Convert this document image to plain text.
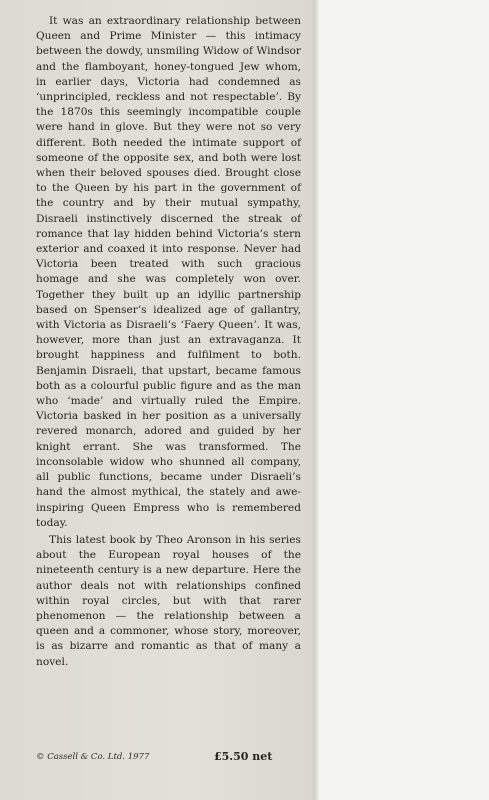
It was an extraordinary relationship between Queen and Prime Minister — this intimacy between the dowdy, unsmiling Widow of Windsor and the flamboyant, honey-tongued Jew whom, in earlier days, Victoria had condemned as ‘unprincipled, reckless and not respectable’. By the 1870s this seemingly incompatible couple were hand in glove. But they were not so very different. Both needed the intimate support of someone of the opposite sex, and both were lost when their beloved spouses died. Brought close to the Queen by his part in the government of the country and by their mutual sympathy, Disraeli instinctively discerned the streak of romance that lay hidden behind Victoria’s stern exterior and coaxed it into response. Never had Victoria been treated with such gracious homage and she was completely won over. Together they built up an idyllic partnership based on Spenser’s idealized age of gallantry, with Victoria as Disraeli’s ‘Faery Queen’. It was, however, more than just an extravaganza. It brought happiness and fulfilment to both. Benjamin Disraeli, that upstart, became famous both as a colourful public figure and as the man who ‘made’ and virtually ruled the Empire. Victoria basked in her position as a universally revered monarch, adored and guided by her knight errant. She was transformed. The inconsolable widow who shunned all company, all public functions, became under Disraeli’s hand the almost mythical, the stately and awe-inspiring Queen Empress who is remembered today.

This latest book by Theo Aronson in his series about the European royal houses of the nineteenth century is a new departure. Here the author deals not with relationships confined within royal circles, but with that rarer phenomenon — the relationship between a queen and a commoner, whose story, moreover, is as bizarre and romantic as that of many a novel.

© Cassell & Co. Ltd. 1977	£5.50 net
